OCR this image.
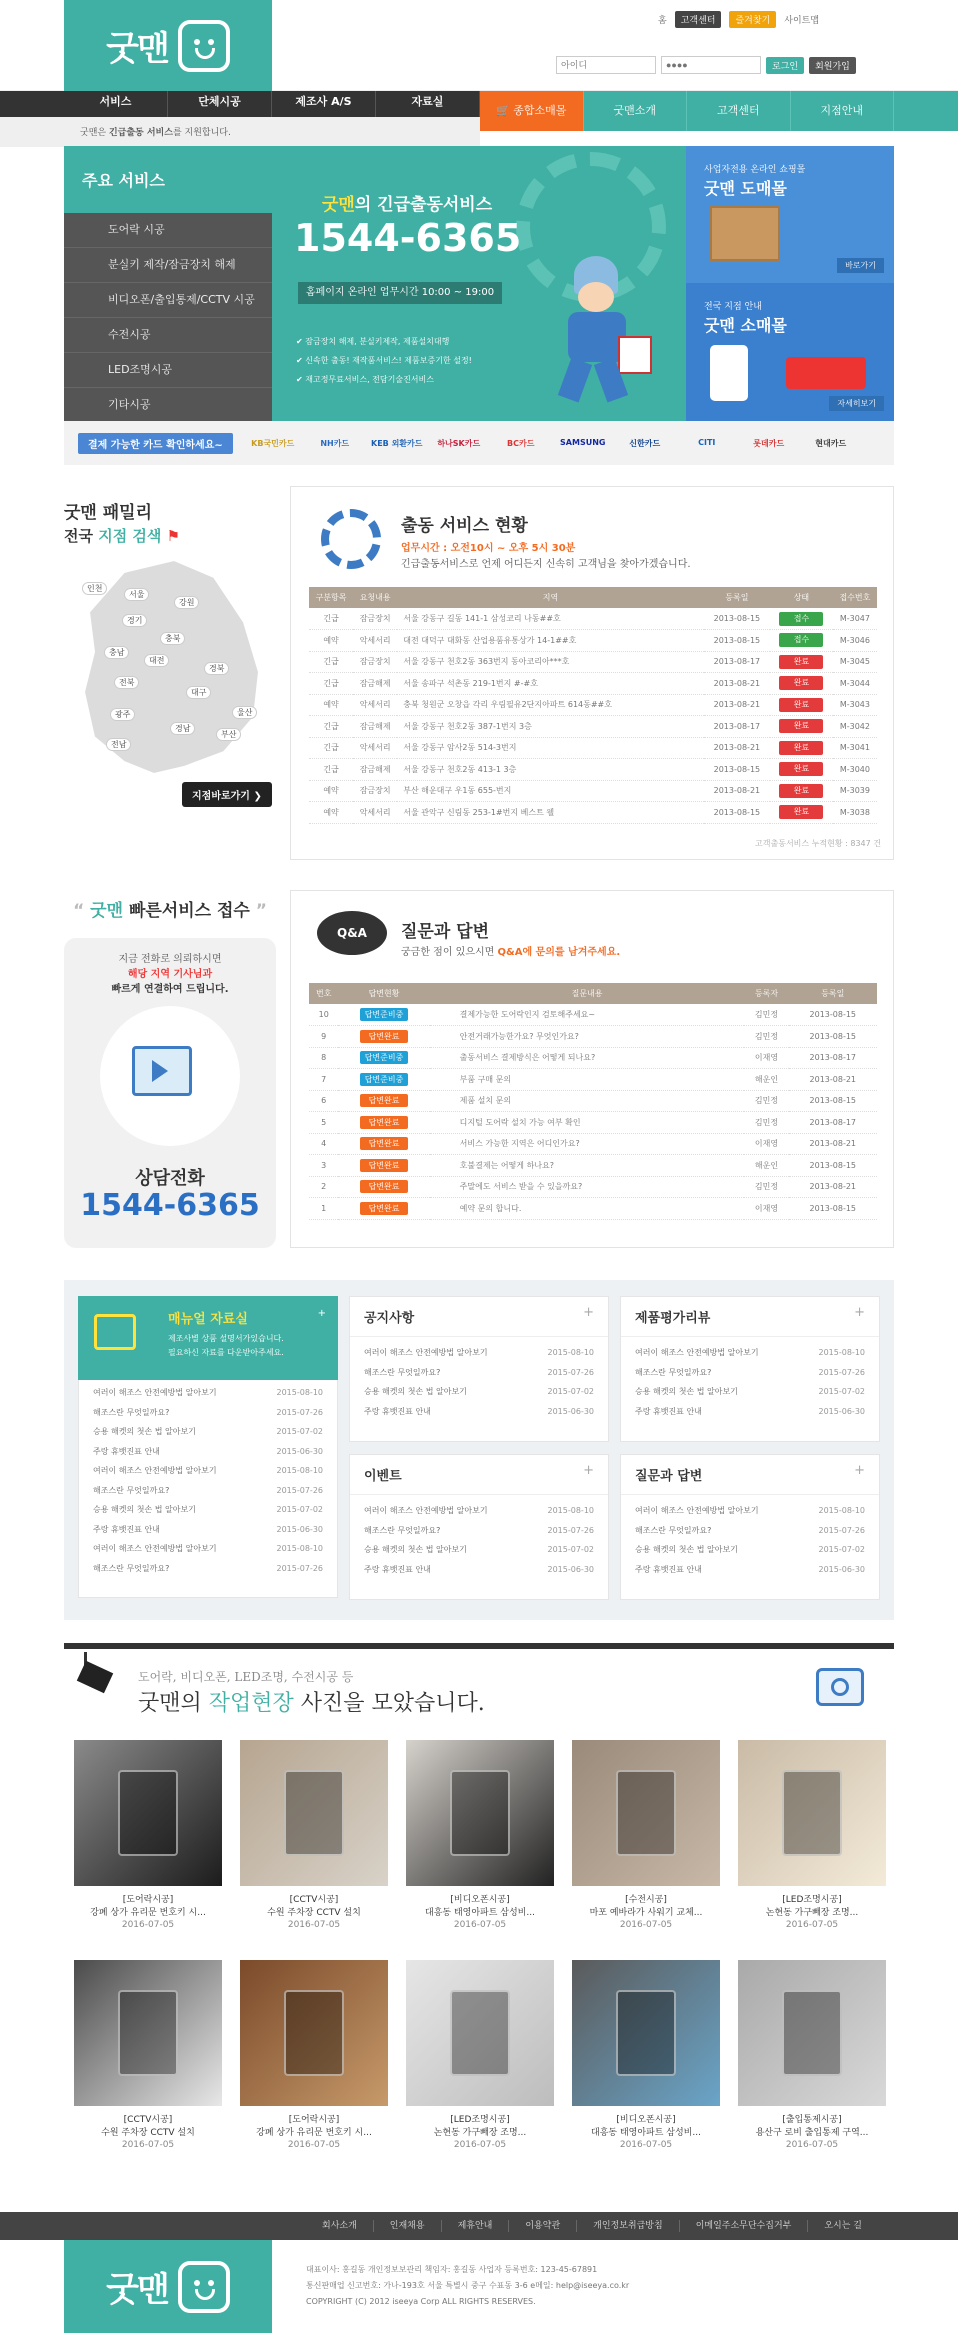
굿맨
홈	고객센터	즐겨찾기	사이트맵
아이디
●●●●
로그인	회원가입
서비스	단체시공	제조사 A/S	자료실
🛒 종합소매몰	굿맨소개	고객센터	지점안내
굿맨은 긴급출동 서비스를 지원합니다.
주요 서비스
도어락 시공
분실키 제작/잠금장치 해제
비디오폰/출입통제/CCTV 시공
수전시공
LED조명시공
기타시공
굿맨의 긴급출동서비스
1544-6365
홈페이지 온라인 업무시간 10:00 ~ 19:00
✔ 잠금장치 해제, 분실키제작, 제품설치대행
✔ 신속한 출동! 재작품서비스! 제품보증기한 설정!
✔ 재고정무료서비스, 전담기술진서비스
사업자전용 온라인 쇼핑몰
굿맨 도매몰
바로가기
전국 지점 안내
굿맨 소매몰
자세히보기
결제 가능한 카드 확인하세요~	KB국민카드	NH카드	KEB 외환카드	하나SK카드	BC카드	SAMSUNG	신한카드	CITI	롯데카드	현대카드
굿맨 패밀리
전국 지점 검색 ⚑
인천
서울
강원
경기
충북
충남
대전
경북
전북
대구
울산
광주
부산
경남
전남
지점바로가기 ❯
출동 서비스 현황
업무시간 : 오전10시 ~ 오후 5시 30분
긴급출동서비스로 언제 어디든지 신속히 고객님을 찾아가겠습니다.
구분항목	요청내용	지역	등록일	상태	접수번호
긴급	잠금장치	서울 강동구 길동 141-1 삼성코리 나동##호	2013-08-15	접수	M-3047
예약	악세서리	대전 대덕구 대화동 산업용품유통상가 14-1##호	2013-08-15	접수	M-3046
긴급	잠금장치	서울 강동구 천호2동 363번지 동아코리아***호	2013-08-17	완료	M-3045
긴급	잠금해제	서울 송파구 석촌동 219-1번지 #-#호	2013-08-21	완료	M-3044
예약	악세서리	충북 청원군 오창읍 각리 우림필유2단지아파트 614동##호	2013-08-21	완료	M-3043
긴급	잠금해제	서울 강동구 천호2동 387-1번지 3층	2013-08-17	완료	M-3042
긴급	악세서리	서울 강동구 암사2동 514-3번지	2013-08-21	완료	M-3041
긴급	잠금해제	서울 강동구 천호2동 413-1 3층	2013-08-15	완료	M-3040
예약	잠금장치	부산 해운대구 우1동 655-번지	2013-08-21	완료	M-3039
예약	악세서리	서울 관악구 신림동 253-1#번지 베스트 웰	2013-08-15	완료	M-3038
고객출동서비스 누적현황 : 8347 건
“ 굿맨 빠른서비스 접수 ”
지금 전화로 의뢰하시면
해당 지역 기사님과
빠르게 연결하여 드립니다.
상담전화
1544-6365
Q&A	질문과 답변
궁금한 점이 있으시면 Q&A에 문의를 남겨주세요.
번호	답변현황	질문내용	등록자	등록일
10	답변준비중	결제가능한 도어락인지 검토해주세요~	김민정	2013-08-15
9	답변완료	안전거래가능한가요? 무엇인가요?	김민정	2013-08-15
8	답변준비중	출동서비스 결제방식은 어떻게 되나요?	이재영	2013-08-17
7	답변준비중	부품 구매 문의	해운인	2013-08-21
6	답변완료	제품 설치 문의	김민정	2013-08-15
5	답변완료	디지털 도어락 설치 가능 여부 확인	김민정	2013-08-17
4	답변완료	서비스 가능한 지역은 어디인가요?	이재영	2013-08-21
3	답변완료	호불결제는 어떻게 하나요?	해운인	2013-08-15
2	답변완료	주말에도 서비스 받을 수 있을까요?	김민정	2013-08-21
1	답변완료	예약 문의 합니다.	이재영	2013-08-15
매뉴얼 자료실
제조사별 상품 설명서가있습니다.
필요하신 자료를 다운받아주세요.
+
여러이 해조스 안전예방법 알아보기	2015-08-10
해조스란 무엇일까요?	2015-07-26
승용 해켓의 첫손 법 알아보기	2015-07-02
주랑 휴뱃진표 안내	2015-06-30
여러이 해조스 안전예방법 알아보기	2015-08-10
해조스란 무엇일까요?	2015-07-26
승용 해켓의 첫손 법 알아보기	2015-07-02
주랑 휴뱃진표 안내	2015-06-30
여러이 해조스 안전예방법 알아보기	2015-08-10
해조스란 무엇일까요?	2015-07-26
공지사항	+
여러이 해조스 안전예방법 알아보기	2015-08-10
해조스란 무엇일까요?	2015-07-26
승용 해켓의 첫손 법 알아보기	2015-07-02
주랑 휴뱃진표 안내	2015-06-30
제품평가리뷰	+
여러이 해조스 안전예방법 알아보기	2015-08-10
해조스란 무엇일까요?	2015-07-26
승용 해켓의 첫손 법 알아보기	2015-07-02
주랑 휴뱃진표 안내	2015-06-30
이벤트	+
여러이 해조스 안전예방법 알아보기	2015-08-10
해조스란 무엇일까요?	2015-07-26
승용 해켓의 첫손 법 알아보기	2015-07-02
주랑 휴뱃진표 안내	2015-06-30
질문과 답변	+
여러이 해조스 안전예방법 알아보기	2015-08-10
해조스란 무엇일까요?	2015-07-26
승용 해켓의 첫손 법 알아보기	2015-07-02
주랑 휴뱃진표 안내	2015-06-30
도어락, 비디오폰, LED조명, 수전시공 등
굿맨의 작업현장 사진을 모았습니다.
[도어락시공]
강폐 상가 유리문 번호키 시...
2016-07-05
[CCTV시공]
수원 주차장 CCTV 설치
2016-07-05
[비디오폰시공]
대흥동 태영아파트 삼성비...
2016-07-05
[수전시공]
마포 예바라가 사워기 교체...
2016-07-05
[LED조명시공]
논현동 가구빼장 조명...
2016-07-05
[CCTV시공]
수원 주차장 CCTV 설치
2016-07-05
[도어락시공]
강폐 상가 유리문 번호키 시...
2016-07-05
[LED조명시공]
논현동 가구빼장 조명...
2016-07-05
[비디오폰시공]
대흥동 태영아파트 삼성비...
2016-07-05
[출입통제시공]
용산구 로비 출입통제 구역...
2016-07-05
회사소개	인재채용	제휴안내	이용약관	개인정보취급방침	이메일주소무단수집거부	오시는 길
굿맨
대표이사: 홍길동 개인정보보관리 책임자: 홍길동 사업자 등록번호: 123-45-67891
통신판매업 신고번호: 가나-193호 서울 특별시 중구 수표동 3-6 e메일: help@iseeya.co.kr
COPYRIGHT (C) 2012 iseeya Corp ALL RIGHTS RESERVES.
